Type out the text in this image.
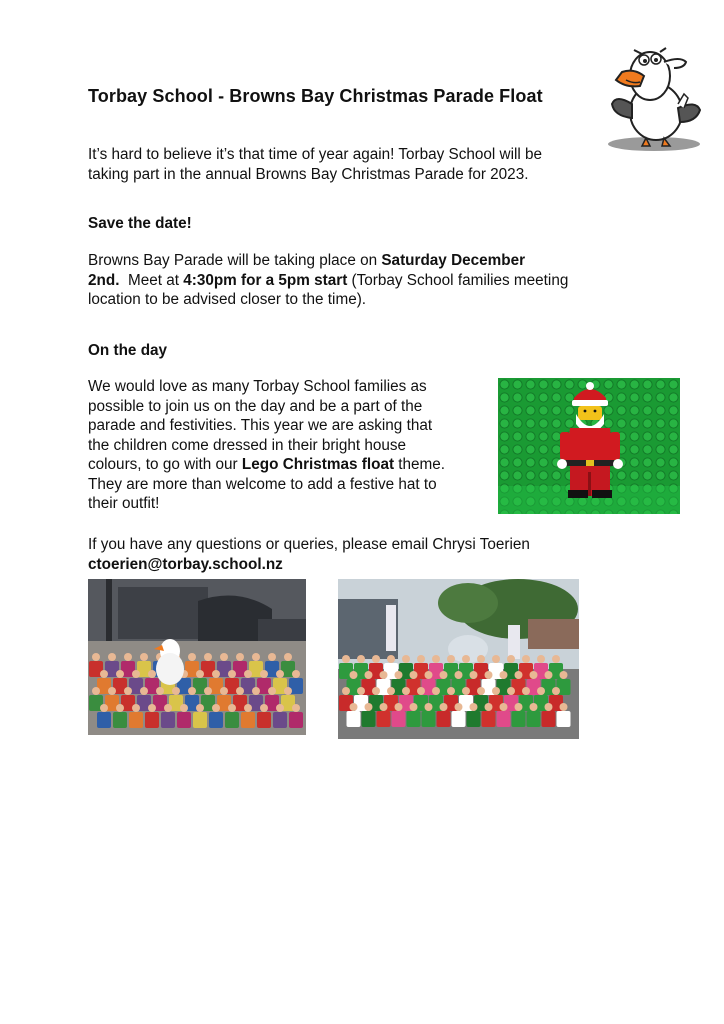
Torbay School - Browns Bay Christmas Parade Float
It’s hard to believe it’s that time of year again! Torbay School will be
taking part in the annual Browns Bay Christmas Parade for 2023.
Save the date!
Browns Bay Parade will be taking place on Saturday December
2nd.  Meet at 4:30pm for a 5pm start (Torbay School families meeting
location to be advised closer to the time).
On the day
We would love as many Torbay School families as
possible to join us on the day and be a part of the
parade and festivities. This year we are asking that
the children come dressed in their bright house
colours, to go with our Lego Christmas float theme.
They are more than welcome to add a festive hat to
their outfit!
If you have any questions or queries, please email Chrysi Toerien
ctoerien@torbay.school.nz
